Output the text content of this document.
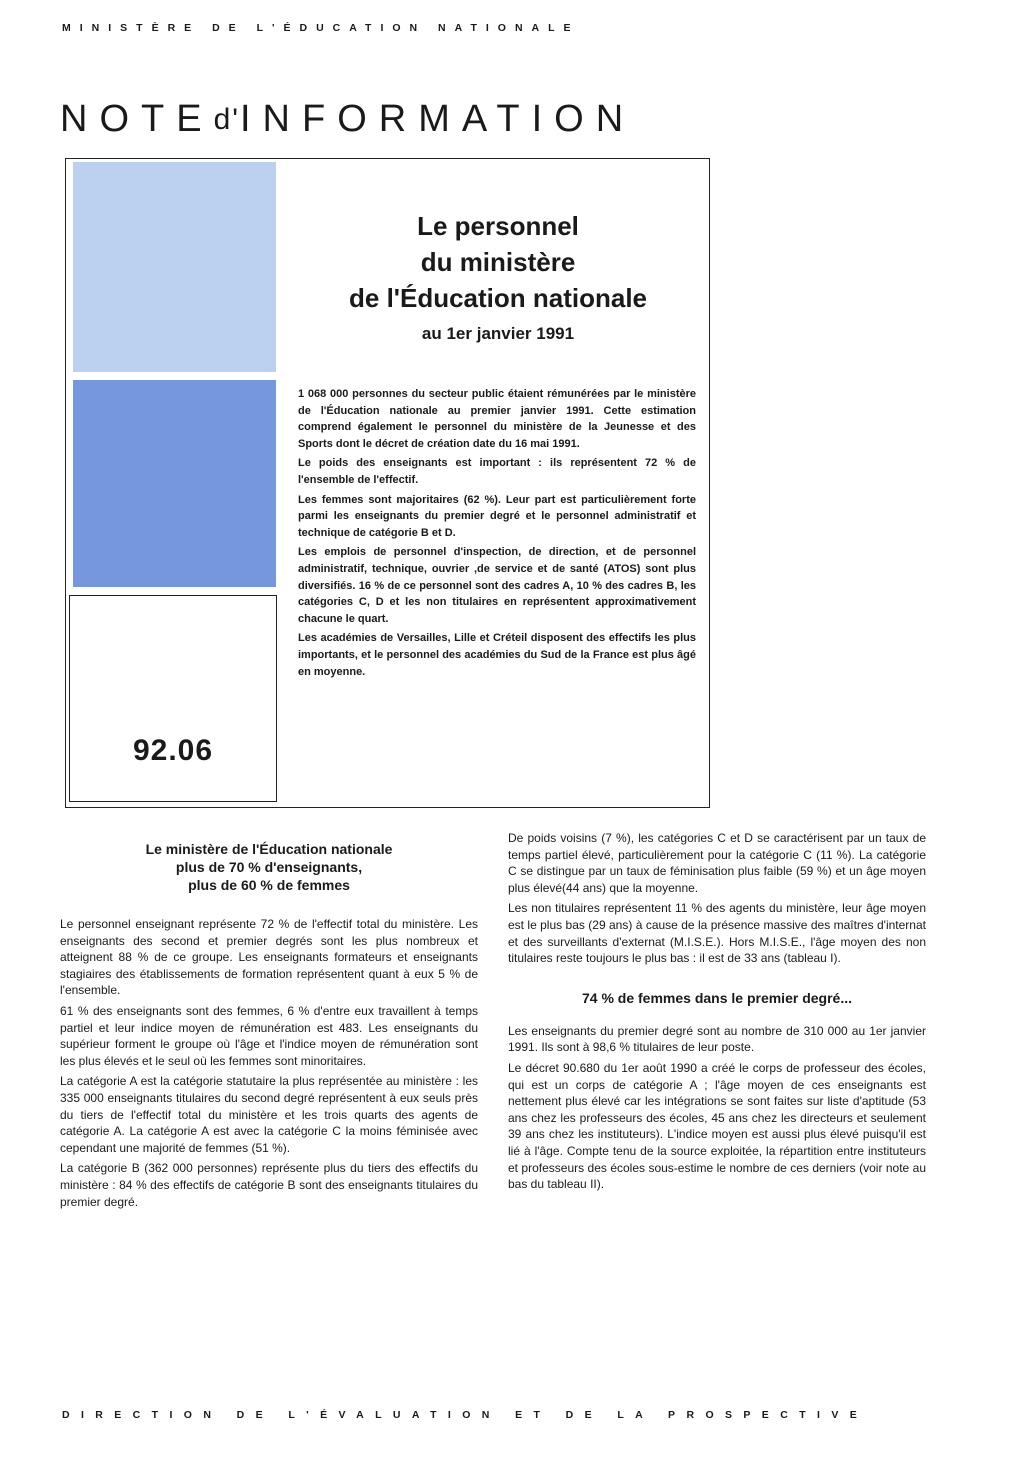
MINISTÈRE DE L'ÉDUCATION NATIONALE
NOTEd'INFORMATION
92.06
Le personnel
du ministère
de l'Éducation nationale
au 1er janvier 1991

1 068 000 personnes du secteur public étaient rémunérées par le ministère de l'Éducation nationale au premier janvier 1991. Cette estimation comprend également le personnel du ministère de la Jeunesse et des Sports dont le décret de création date du 16 mai 1991.

Le poids des enseignants est important : ils représentent 72 % de l'ensemble de l'effectif.

Les femmes sont majoritaires (62 %). Leur part est particulièrement forte parmi les enseignants du premier degré et le personnel administratif et technique de catégorie B et D.

Les emplois de personnel d'inspection, de direction, et de personnel administratif, technique, ouvrier ,de service et de santé (ATOS) sont plus diversifiés. 16 % de ce personnel sont des cadres A, 10 % des cadres B, les catégories C, D et les non titulaires en représentent approximativement chacune le quart.

Les académies de Versailles, Lille et Créteil disposent des effectifs les plus importants, et le personnel des académies du Sud de la France est plus âgé en moyenne.

Le ministère de l'Éducation nationale
plus de 70 % d'enseignants,
plus de 60 % de femmes

Le personnel enseignant représente 72 % de l'effectif total du ministère. Les enseignants des second et premier degrés sont les plus nombreux et atteignent 88 % de ce groupe. Les enseignants formateurs et enseignants stagiaires des établissements de formation représentent quant à eux 5 % de l'ensemble.

61 % des enseignants sont des femmes, 6 % d'entre eux travaillent à temps partiel et leur indice moyen de rémunération est 483. Les enseignants du supérieur forment le groupe où l'âge et l'indice moyen de rémunération sont les plus élevés et le seul où les femmes sont minoritaires.

La catégorie A est la catégorie statutaire la plus représentée au ministère : les 335 000 enseignants titulaires du second degré représentent à eux seuls près du tiers de l'effectif total du ministère et les trois quarts des agents de catégorie A. La catégorie A est avec la catégorie C la moins féminisée avec cependant une majorité de femmes (51 %).

La catégorie B (362 000 personnes) représente plus du tiers des effectifs du ministère : 84 % des effectifs de catégorie B sont des enseignants titulaires du premier degré.

De poids voisins (7 %), les catégories C et D se caractérisent par un taux de temps partiel élevé, particulièrement pour la catégorie C (11 %). La catégorie C se distingue par un taux de féminisation plus faible (59 %) et un âge moyen plus élevé(44 ans) que la moyenne.

Les non titulaires représentent 11 % des agents du ministère, leur âge moyen est le plus bas (29 ans) à cause de la présence massive des maîtres d'internat et des surveillants d'externat (M.I.S.E.). Hors M.I.S.E., l'âge moyen des non titulaires reste toujours le plus bas : il est de 33 ans (tableau I).

74 % de femmes dans le premier degré...

Les enseignants du premier degré sont au nombre de 310 000 au 1er janvier 1991. Ils sont à 98,6 % titulaires de leur poste.

Le décret 90.680 du 1er août 1990 a créé le corps de professeur des écoles, qui est un corps de catégorie A ; l'âge moyen de ces enseignants est nettement plus élevé car les intégrations se sont faites sur liste d'aptitude (53 ans chez les professeurs des écoles, 45 ans chez les directeurs et seulement 39 ans chez les instituteurs). L'indice moyen est aussi plus élevé puisqu'il est lié à l'âge. Compte tenu de la source exploitée, la répartition entre instituteurs et professeurs des écoles sous-estime le nombre de ces derniers (voir note au bas du tableau II).

DIRECTION DE L'ÉVALUATION ET DE LA PROSPECTIVE
